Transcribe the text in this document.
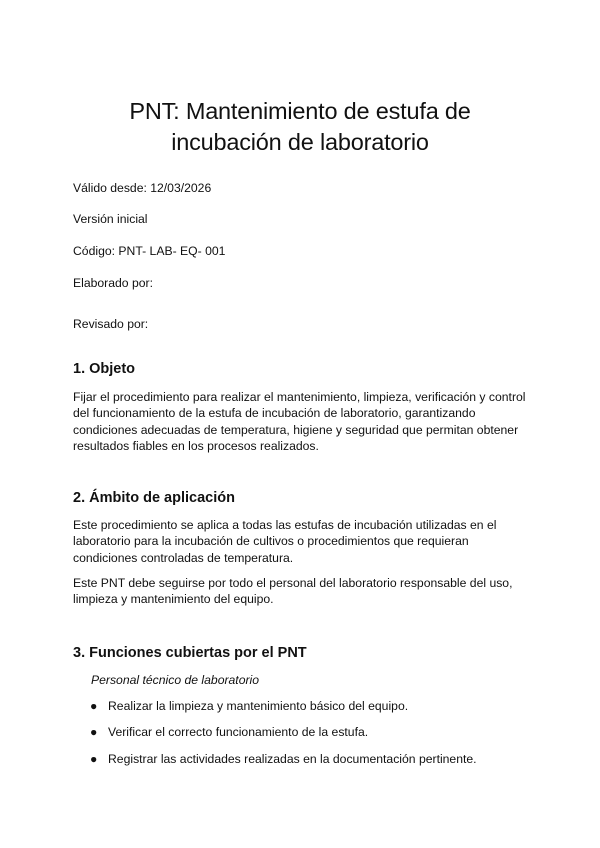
PNT: Mantenimiento de estufa de
incubación de laboratorio
Válido desde: 12/03/2026
Versión inicial
Código: PNT- LAB- EQ- 001
Elaborado por:
Revisado por:
1. Objeto
Fijar el procedimiento para realizar el mantenimiento, limpieza, verificación y control
del funcionamiento de la estufa de incubación de laboratorio, garantizando
condiciones adecuadas de temperatura, higiene y seguridad que permitan obtener
resultados fiables en los procesos realizados.
2. Ámbito de aplicación
Este procedimiento se aplica a todas las estufas de incubación utilizadas en el
laboratorio para la incubación de cultivos o procedimientos que requieran
condiciones controladas de temperatura.
Este PNT debe seguirse por todo el personal del laboratorio responsable del uso,
limpieza y mantenimiento del equipo.
3. Funciones cubiertas por el PNT
Personal técnico de laboratorio
● Realizar la limpieza y mantenimiento básico del equipo.
● Verificar el correcto funcionamiento de la estufa.
● Registrar las actividades realizadas en la documentación pertinente.
